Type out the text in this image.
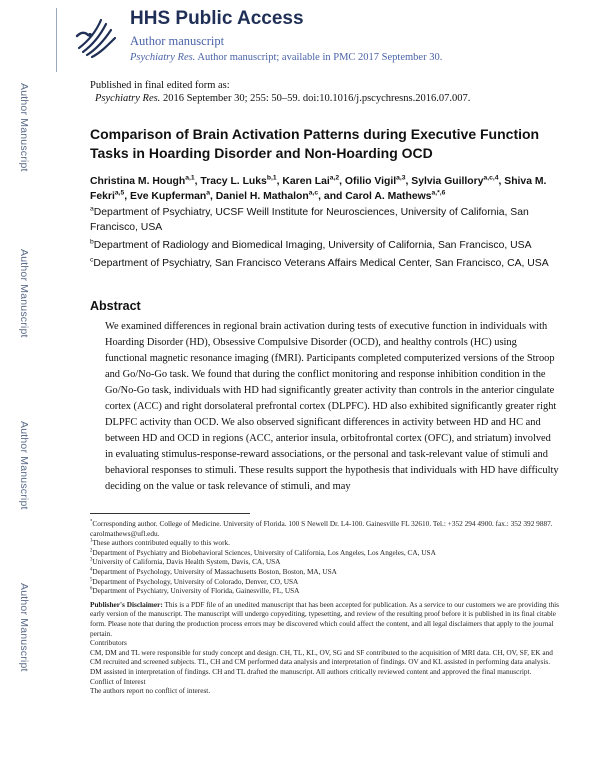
Author Manuscript
Author Manuscript
Author Manuscript
Author Manuscript
HHS Public Access
Author manuscript
Psychiatry Res. Author manuscript; available in PMC 2017 September 30.
Published in final edited form as:
Psychiatry Res. 2016 September 30; 255: 50–59. doi:10.1016/j.pscychresns.2016.07.007.
Comparison of Brain Activation Patterns during Executive Function Tasks in Hoarding Disorder and Non-Hoarding OCD
Christina M. Hough$^{a,1}$, Tracy L. Luks$^{b,1}$, Karen Lai$^{a,2}$, Ofilio Vigil$^{a,3}$, Sylvia Guillory$^{a,c,4}$, Shiva M. Fekri$^{a,5}$, Eve Kupferman$^a$, Daniel H. Mathalon$^{a,c}$, and Carol A. Mathews$^{a,*,6}$
$^a$Department of Psychiatry, UCSF Weill Institute for Neurosciences, University of California, San Francisco, USA
$^b$Department of Radiology and Biomedical Imaging, University of California, San Francisco, USA
$^c$Department of Psychiatry, San Francisco Veterans Affairs Medical Center, San Francisco, CA, USA
Abstract
We examined differences in regional brain activation during tests of executive function in individuals with Hoarding Disorder (HD), Obsessive Compulsive Disorder (OCD), and healthy controls (HC) using functional magnetic resonance imaging (fMRI). Participants completed computerized versions of the Stroop and Go/No-Go task. We found that during the conflict monitoring and response inhibition condition in the Go/No-Go task, individuals with HD had significantly greater activity than controls in the anterior cingulate cortex (ACC) and right dorsolateral prefrontal cortex (DLPFC). HD also exhibited significantly greater right DLPFC activity than OCD. We also observed significant differences in activity between HD and HC and between HD and OCD in regions (ACC, anterior insula, orbitofrontal cortex (OFC), and striatum) involved in evaluating stimulus-response-reward associations, or the personal and task-relevant value of stimuli and behavioral responses to stimuli. These results support the hypothesis that individuals with HD have difficulty deciding on the value or task relevance of stimuli, and may

*Corresponding author. College of Medicine. University of Florida. 100 S Newell Dr. L4-100. Gainesville FL 32610. Tel.: +352 294 4900. fax.: 352 392 9887. carolmathews@ufl.edu.

$^1$These authors contributed equally to this work.

$^2$Department of Psychiatry and Biobehavioral Sciences, University of California, Los Angeles, Los Angeles, CA, USA

$^3$University of California, Davis Health System, Davis, CA, USA

$^4$Department of Psychology, University of Massachusetts Boston, Boston, MA, USA

$^5$Department of Psychology, University of Colorado, Denver, CO, USA

$^6$Department of Psychiatry, University of Florida, Gainesville, FL, USA

Publisher's Disclaimer: This is a PDF file of an unedited manuscript that has been accepted for publication. As a service to our customers we are providing this early version of the manuscript. The manuscript will undergo copyediting, typesetting, and review of the resulting proof before it is published in its final citable form. Please note that during the production process errors may be discovered which could affect the content, and all legal disclaimers that apply to the journal pertain.

Contributors

CM, DM and TL were responsible for study concept and design. CH, TL, KL, OV, SG and SF contributed to the acquisition of MRI data. CH, OV, SF, EK and CM recruited and screened subjects. TL, CH and CM performed data analysis and interpretation of findings. OV and KL assisted in performing data analysis. DM assisted in interpretation of findings. CH and TL drafted the manuscript. All authors critically reviewed content and approved the final manuscript.

Conflict of Interest

The authors report no conflict of interest.
